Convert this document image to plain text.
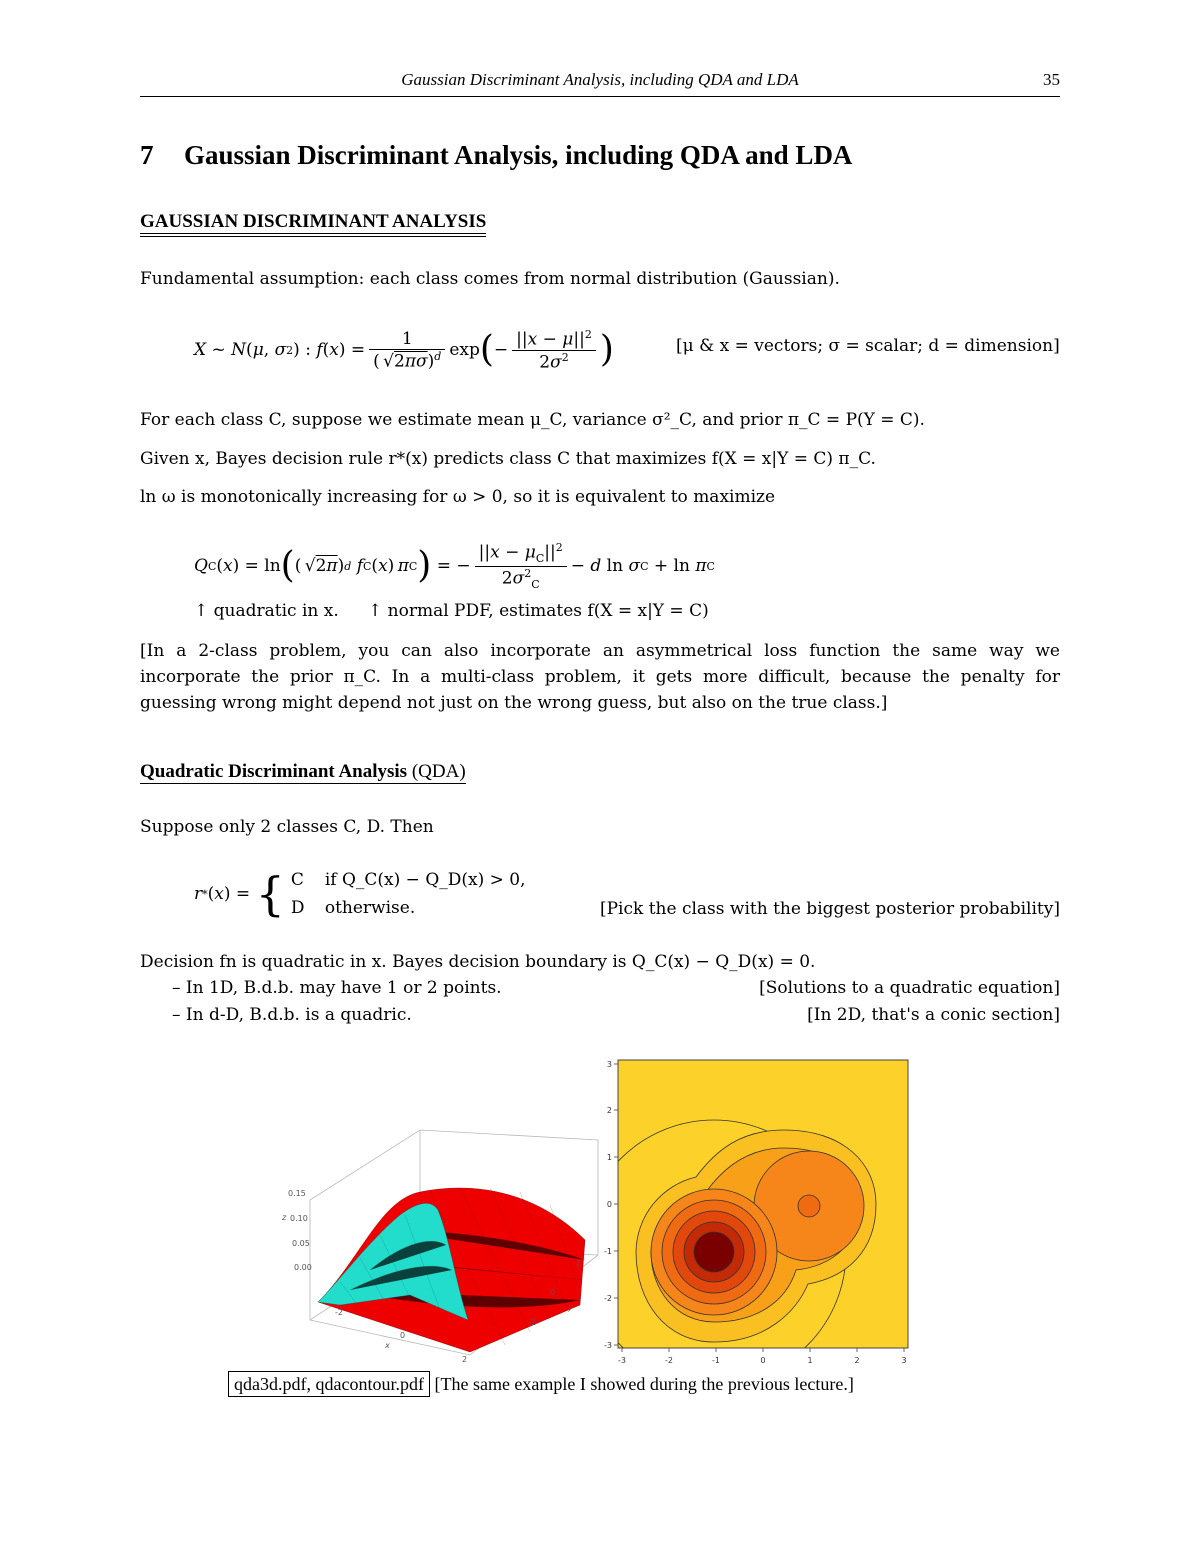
Gaussian Discriminant Analysis, including QDA and LDA	35
7 Gaussian Discriminant Analysis, including QDA and LDA
GAUSSIAN DISCRIMINANT ANALYSIS
Fundamental assumption: each class comes from normal distribution (Gaussian).
X ~ N ( μ , σ 2 ) : f ( x ) = $\frac{1}{( √2\pi\sigma)^d}$ exp ( − $\frac{||x - \mu||^2}{2\sigma^2}$ )	[μ & x = vectors; σ = scalar; d = dimension]
For each class C, suppose we estimate mean μ_C, variance σ²_C, and prior π_C = P(Y = C).
Given x, Bayes decision rule r*(x) predicts class C that maximizes f(X = x|Y = C) π_C.
ln ω is monotonically increasing for ω > 0, so it is equivalent to maximize
Q C ( x ) = ln ( ( √ 2π ) d
f C ( x )  π C ) = − $\frac{||x - \mu_C||^2}{2\sigma^2_C} - d$ ln σ C + ln π C
↑ quadratic in x. ↑ normal PDF, estimates f(X = x|Y = C)
[In a 2-class problem, you can also incorporate an asymmetrical loss function the same way we incorporate the prior π_C. In a multi-class problem, it gets more difficult, because the penalty for guessing wrong might depend not just on the wrong guess, but also on the true class.]
Quadratic Discriminant Analysis (QDA)
Suppose only 2 classes C, D. Then
r * ( x ) = { C if Q_C(x) − Q_D(x) > 0,
D otherwise.	[Pick the class with the biggest posterior probability]
Decision fn is quadratic in x. Bayes decision boundary is Q_C(x) − Q_D(x) = 0.
– In 1D, B.d.b. may have 1 or 2 points.	[Solutions to a quadratic equation]
– In d-D, B.d.b. is a quadric.	[In 2D, that's a conic section]
0.15
0.10
0.05
0.00
z
-2
0
2
x
2
0
-2
y
3
2
1
0
-1
-2
-3
-3	-2	-1	0	1	2	3
qda3d.pdf, qdacontour.pdf [The same example I showed during the previous lecture.]
